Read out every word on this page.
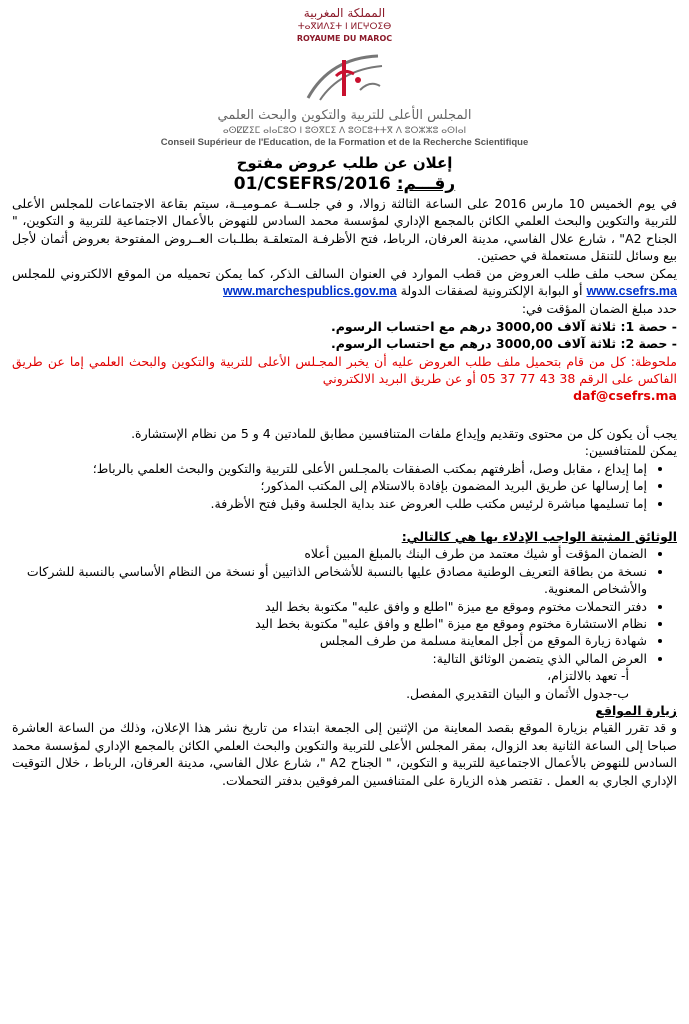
المملكة المغربية
ⵜⴰⴳⵍⴷⵉⵜ ⵏ ⵍⵎⵖⵔⵉⴱ
ROYAUME DU MAROC
المجلس الأعلى للتربية والتكوين والبحث العلمي
ⴰⵙⵇⵇⵉⵎ ⴰⵏⴰⵎⵓⵔ ⵏ ⵓⵙⴳⵎⵉ ⴷ ⵓⵙⵎⵓⵜⵜⴳ ⴷ ⵓⵔⵣⵣⵓ ⴰⵙⵏⴰⵏ
Conseil Supérieur de l'Education, de la Formation et de la Recherche Scientifique
إعلان عن طلب عروض مفتوح
رقـــم: 01/CSEFRS/2016

في يوم الخميس 10 مارس 2016 على الساعة الثالثة زوالا، و في جلســة عمـوميــة، سيتم بقاعة الاجتماعات للمجلس الأعلى للتربية والتكوين والبحث العلمي الكائن بالمجمع الإداري لمؤسسة محمد السادس للنهوض بالأعمال الاجتماعية للتربية و التكوين، " الجناح A2" ، شارع علال الفاسي، مدينة العرفان، الرباط، فتح الأظرفـة المتعلقـة بطلـبات العــروض المفتوحة بعروض أثمان لأجل بيع وسائل للتنقل مستعملة في حصتين.

يمكن سحب ملف طلب العروض من قطب الموارد في العنوان السالف الذكر، كما يمكن تحميله من الموقع الالكتروني للمجلس www.csefrs.ma أو البوابة الإلكترونية لصفقات الدولة www.marchespublics.gov.ma

حدد مبلغ الضمان المؤقت في:

- حصة 1: ثلاثة آلاف 3000,00 درهم مع احتساب الرسوم.

- حصة 2: ثلاثة آلاف 3000,00 درهم مع احتساب الرسوم.

ملحوظة: كل من قام بتحميل ملف طلب العروض عليه أن يخبر المجـلس الأعلى للتربية والتكوين والبحث العلمي إما عن طريق الفاكس على الرقم 38 43 77 37 05 أو عن طريق البريد الالكتروني

daf@csefrs.ma

يجب أن يكون كل من محتوى وتقديم وإيداع ملفات المتنافسين مطابق للمادتين 4 و 5 من نظام الإستشارة.

يمكن للمتنافسين:

• إما إيداع ، مقابل وصل، أظرفتهم بمكتب الصفقات بالمجـلس الأعلى للتربية والتكوين والبحث العلمي بالرباط؛
• إما إرسالها عن طريق البريد المضمون بإفادة بالاستلام إلى المكتب المذكور؛
• إما تسليمها مباشرة لرئيس مكتب طلب العروض عند بداية الجلسة وقبل فتح الأظرفة.

الوثائق المثبتة الواجب الإدلاء بها هي كالتالي:

• الضمان المؤقت أو شيك معتمد من طرف البنك بالمبلغ المبين أعلاه
• نسخة من بطاقة التعريف الوطنية مصادق عليها بالنسبة للأشخاص الذاتيين أو نسخة من النظام الأساسي بالنسبة للشركات والأشخاص المعنوية.
• دفتر التحملات مختوم وموقع مع ميزة "اطلع و وافق عليه" مكتوبة بخط اليد
• نظام الاستشارة مختوم وموقع مع ميزة "اطلع و وافق عليه" مكتوبة بخط اليد
• شهادة زيارة الموقع من أجل المعاينة مسلمة من طرف المجلس
• العرض المالي الذي يتضمن الوثائق التالية:
أ- تعهد بالالتزام،
ب-جدول الأثمان و البيان التقديري المفصل.

زيارة المواقع

و قد تقرر القيام بزيارة الموقع بقصد المعاينة من الإثنين إلى الجمعة ابتداء من تاريخ نشر هذا الإعلان، وذلك من الساعة العاشرة صباحا إلى الساعة الثانية بعد الزوال، بمقر المجلس الأعلى للتربية والتكوين والبحث العلمي الكائن بالمجمع الإداري لمؤسسة محمد السادس للنهوض بالأعمال الاجتماعية للتربية و التكوين، " الجناح A2 "، شارع علال الفاسي، مدينة العرفان، الرباط ، خلال التوقيت الإداري الجاري به العمل . تقتصر هذه الزيارة على المتنافسين المرفوقين بدفتر التحملات.
